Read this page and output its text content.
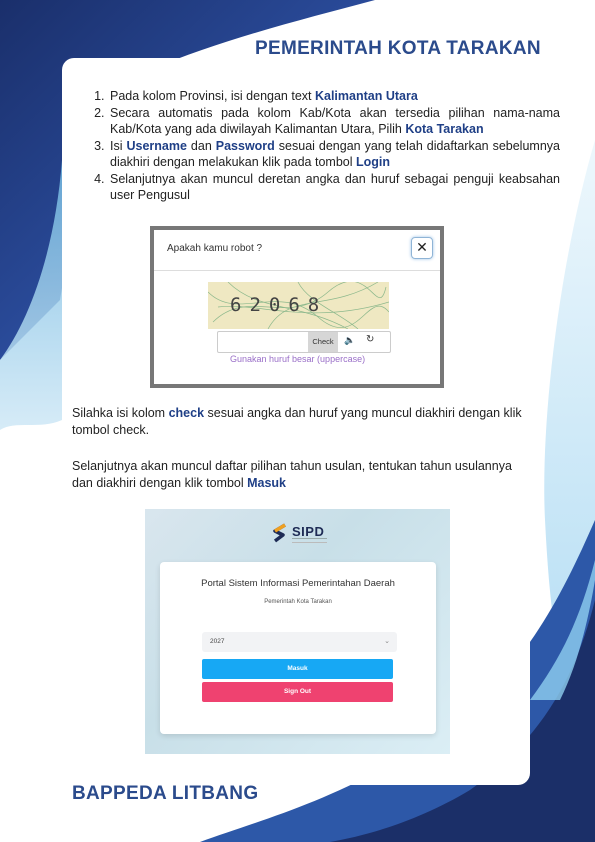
PEMERINTAH KOTA TARAKAN
1. Pada kolom Provinsi, isi dengan text Kalimantan Utara
2. Secara automatis pada kolom Kab/Kota akan tersedia pilihan nama-nama Kab/Kota yang ada diwilayah Kalimantan Utara, Pilih Kota Tarakan
3. Isi Username dan Password sesuai dengan yang telah didaftarkan sebelumnya diakhiri dengan melakukan klik pada tombol Login
4. Selanjutnya akan muncul deretan angka dan huruf sebagai penguji keabsahan user Pengusul
Apakah kamu robot ?	✕
62068
Check	🔈 ↻
Gunakan huruf besar (uppercase)

Silahka isi kolom check sesuai angka dan huruf yang muncul diakhiri dengan klik tombol check.

Selanjutnya akan muncul daftar pilihan tahun usulan, tentukan tahun usulannya dan diakhiri dengan klik tombol Masuk

SIPD
Portal Sistem Informasi Pemerintahan Daerah
Pemerintah Kota Tarakan
2027	⌄
Masuk
Sign Out
BAPPEDA LITBANG
